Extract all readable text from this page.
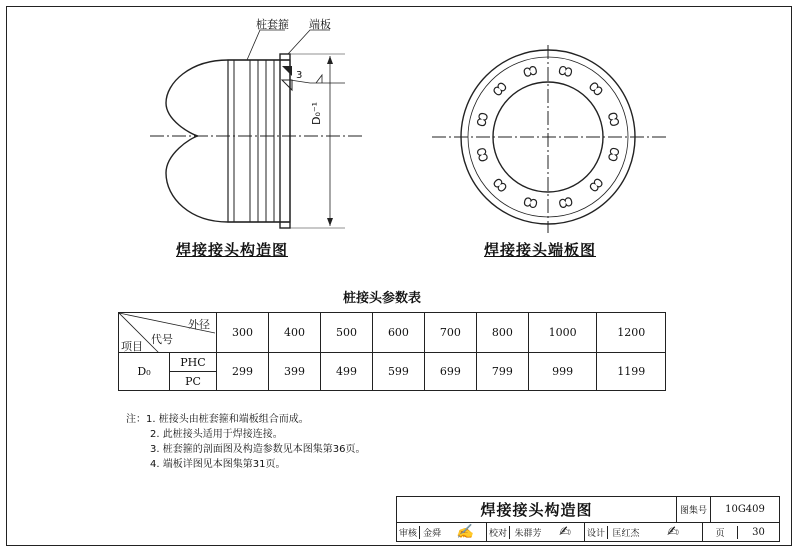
桩套箍 端板
3
D₀⁻¹
焊接接头构造图	焊接接头端板图
桩接头参数表
外径
代号
项目		300	400	500	600	700	800	1000	1200
D₀	PHC	299	399	499	599	699	799	999	1199
	PC								
注：1. 桩接头由桩套箍和端板组合而成。
2. 此桩接头适用于焊接连接。
3. 桩套箍的剖面图及构造参数见本图集第36页。
4. 端板详图见本图集第31页。
焊接接头构造图	图集号	10G409
审核 金舜	✍	校对 朱群芳	✍	设计 匡红杰	✍	页	30
